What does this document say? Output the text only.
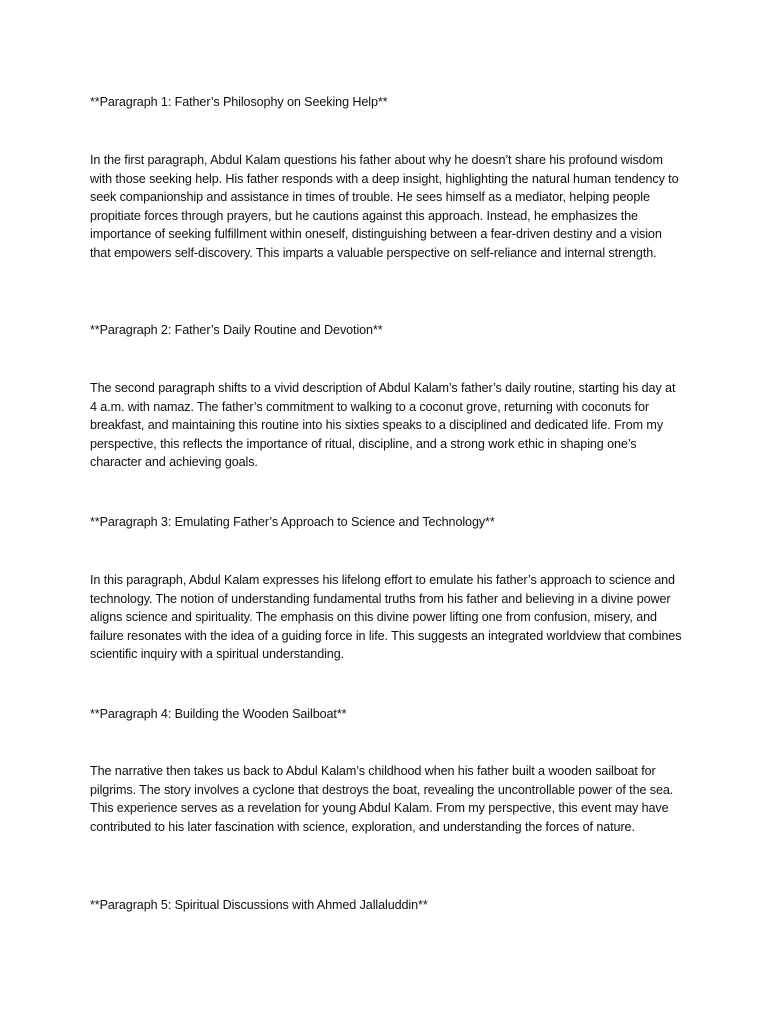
**Paragraph 1: Father’s Philosophy on Seeking Help**
In the first paragraph, Abdul Kalam questions his father about why he doesn’t share his profound wisdom with those seeking help. His father responds with a deep insight, highlighting the natural human tendency to seek companionship and assistance in times of trouble. He sees himself as a mediator, helping people propitiate forces through prayers, but he cautions against this approach. Instead, he emphasizes the importance of seeking fulfillment within oneself, distinguishing between a fear-driven destiny and a vision that empowers self-discovery. This imparts a valuable perspective on self-reliance and internal strength.
**Paragraph 2: Father’s Daily Routine and Devotion**
The second paragraph shifts to a vivid description of Abdul Kalam’s father’s daily routine, starting his day at 4 a.m. with namaz. The father’s commitment to walking to a coconut grove, returning with coconuts for breakfast, and maintaining this routine into his sixties speaks to a disciplined and dedicated life. From my perspective, this reflects the importance of ritual, discipline, and a strong work ethic in shaping one’s character and achieving goals.
**Paragraph 3: Emulating Father’s Approach to Science and Technology**
In this paragraph, Abdul Kalam expresses his lifelong effort to emulate his father’s approach to science and technology. The notion of understanding fundamental truths from his father and believing in a divine power aligns science and spirituality. The emphasis on this divine power lifting one from confusion, misery, and failure resonates with the idea of a guiding force in life. This suggests an integrated worldview that combines scientific inquiry with a spiritual understanding.
**Paragraph 4: Building the Wooden Sailboat**
The narrative then takes us back to Abdul Kalam’s childhood when his father built a wooden sailboat for pilgrims. The story involves a cyclone that destroys the boat, revealing the uncontrollable power of the sea. This experience serves as a revelation for young Abdul Kalam. From my perspective, this event may have contributed to his later fascination with science, exploration, and understanding the forces of nature.
**Paragraph 5: Spiritual Discussions with Ahmed Jallaluddin**
